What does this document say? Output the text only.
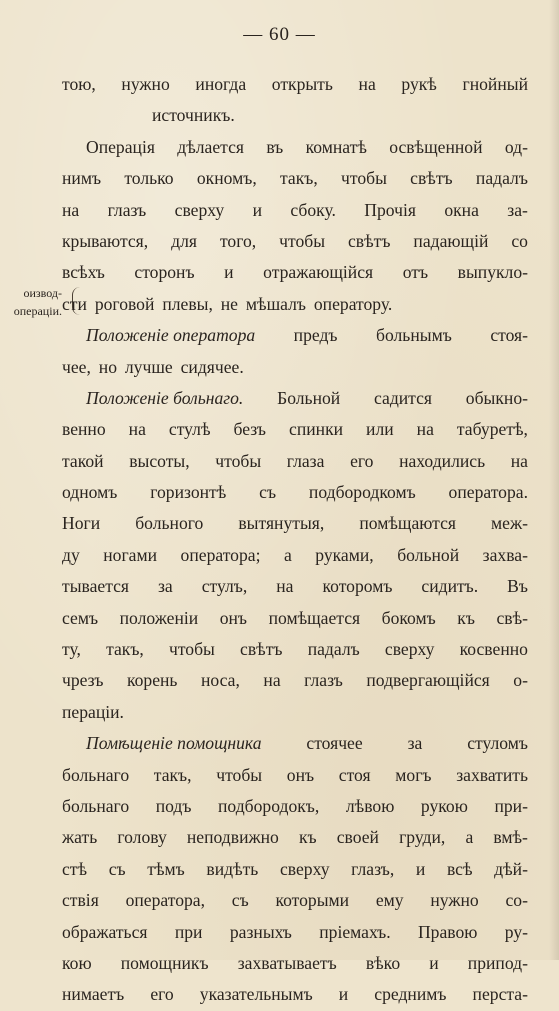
— 60 —
оизвод-
операціи.
тою, нужно иногда открыть на рукѣ гнойный
источникъ.
Операція дѣлается въ комнатѣ освѣщенной од-
нимъ только окномъ, такъ, чтобы свѣтъ падалъ
на глазъ сверху и сбоку. Прочія окна за-
крываются, для того, чтобы свѣтъ падающій со
всѣхъ сторонъ и отражающійся отъ выпукло-
сти роговой плевы, не мѣшалъ оператору.
Положеніе оператора предъ больнымъ стоя-
чее, но лучше сидячее.
Положеніе больнаго. Больной садится обыкно-
венно на стулѣ безъ спинки или на табуретѣ,
такой высоты, чтобы глаза его находились на
одномъ горизонтѣ съ подбородкомъ оператора.
Ноги больного вытянутыя, помѣщаются меж-
ду ногами оператора; а руками, больной захва-
тывается за стулъ, на которомъ сидитъ. Въ
семъ положеніи онъ помѣщается бокомъ къ свѣ-
ту, такъ, чтобы свѣтъ падалъ сверху косвенно
чрезъ корень носа, на глазъ подвергающійся о-
пераціи.
Помѣщеніе помощника	стоячее	за	стуломъ
больнаго такъ, чтобы онъ стоя могъ захватить
больнаго подъ подбородокъ, лѣвою рукою при-
жать голову неподвижно къ своей груди, а вмѣ-
стѣ съ тѣмъ видѣть сверху глазъ, и всѣ дѣй-
ствія оператора, съ которыми ему нужно со-
ображаться при разныхъ пріемахъ. Правою ру-
кою помощникъ захватываетъ вѣко и припод-
нимаетъ его указательнымъ и среднимъ перста-
